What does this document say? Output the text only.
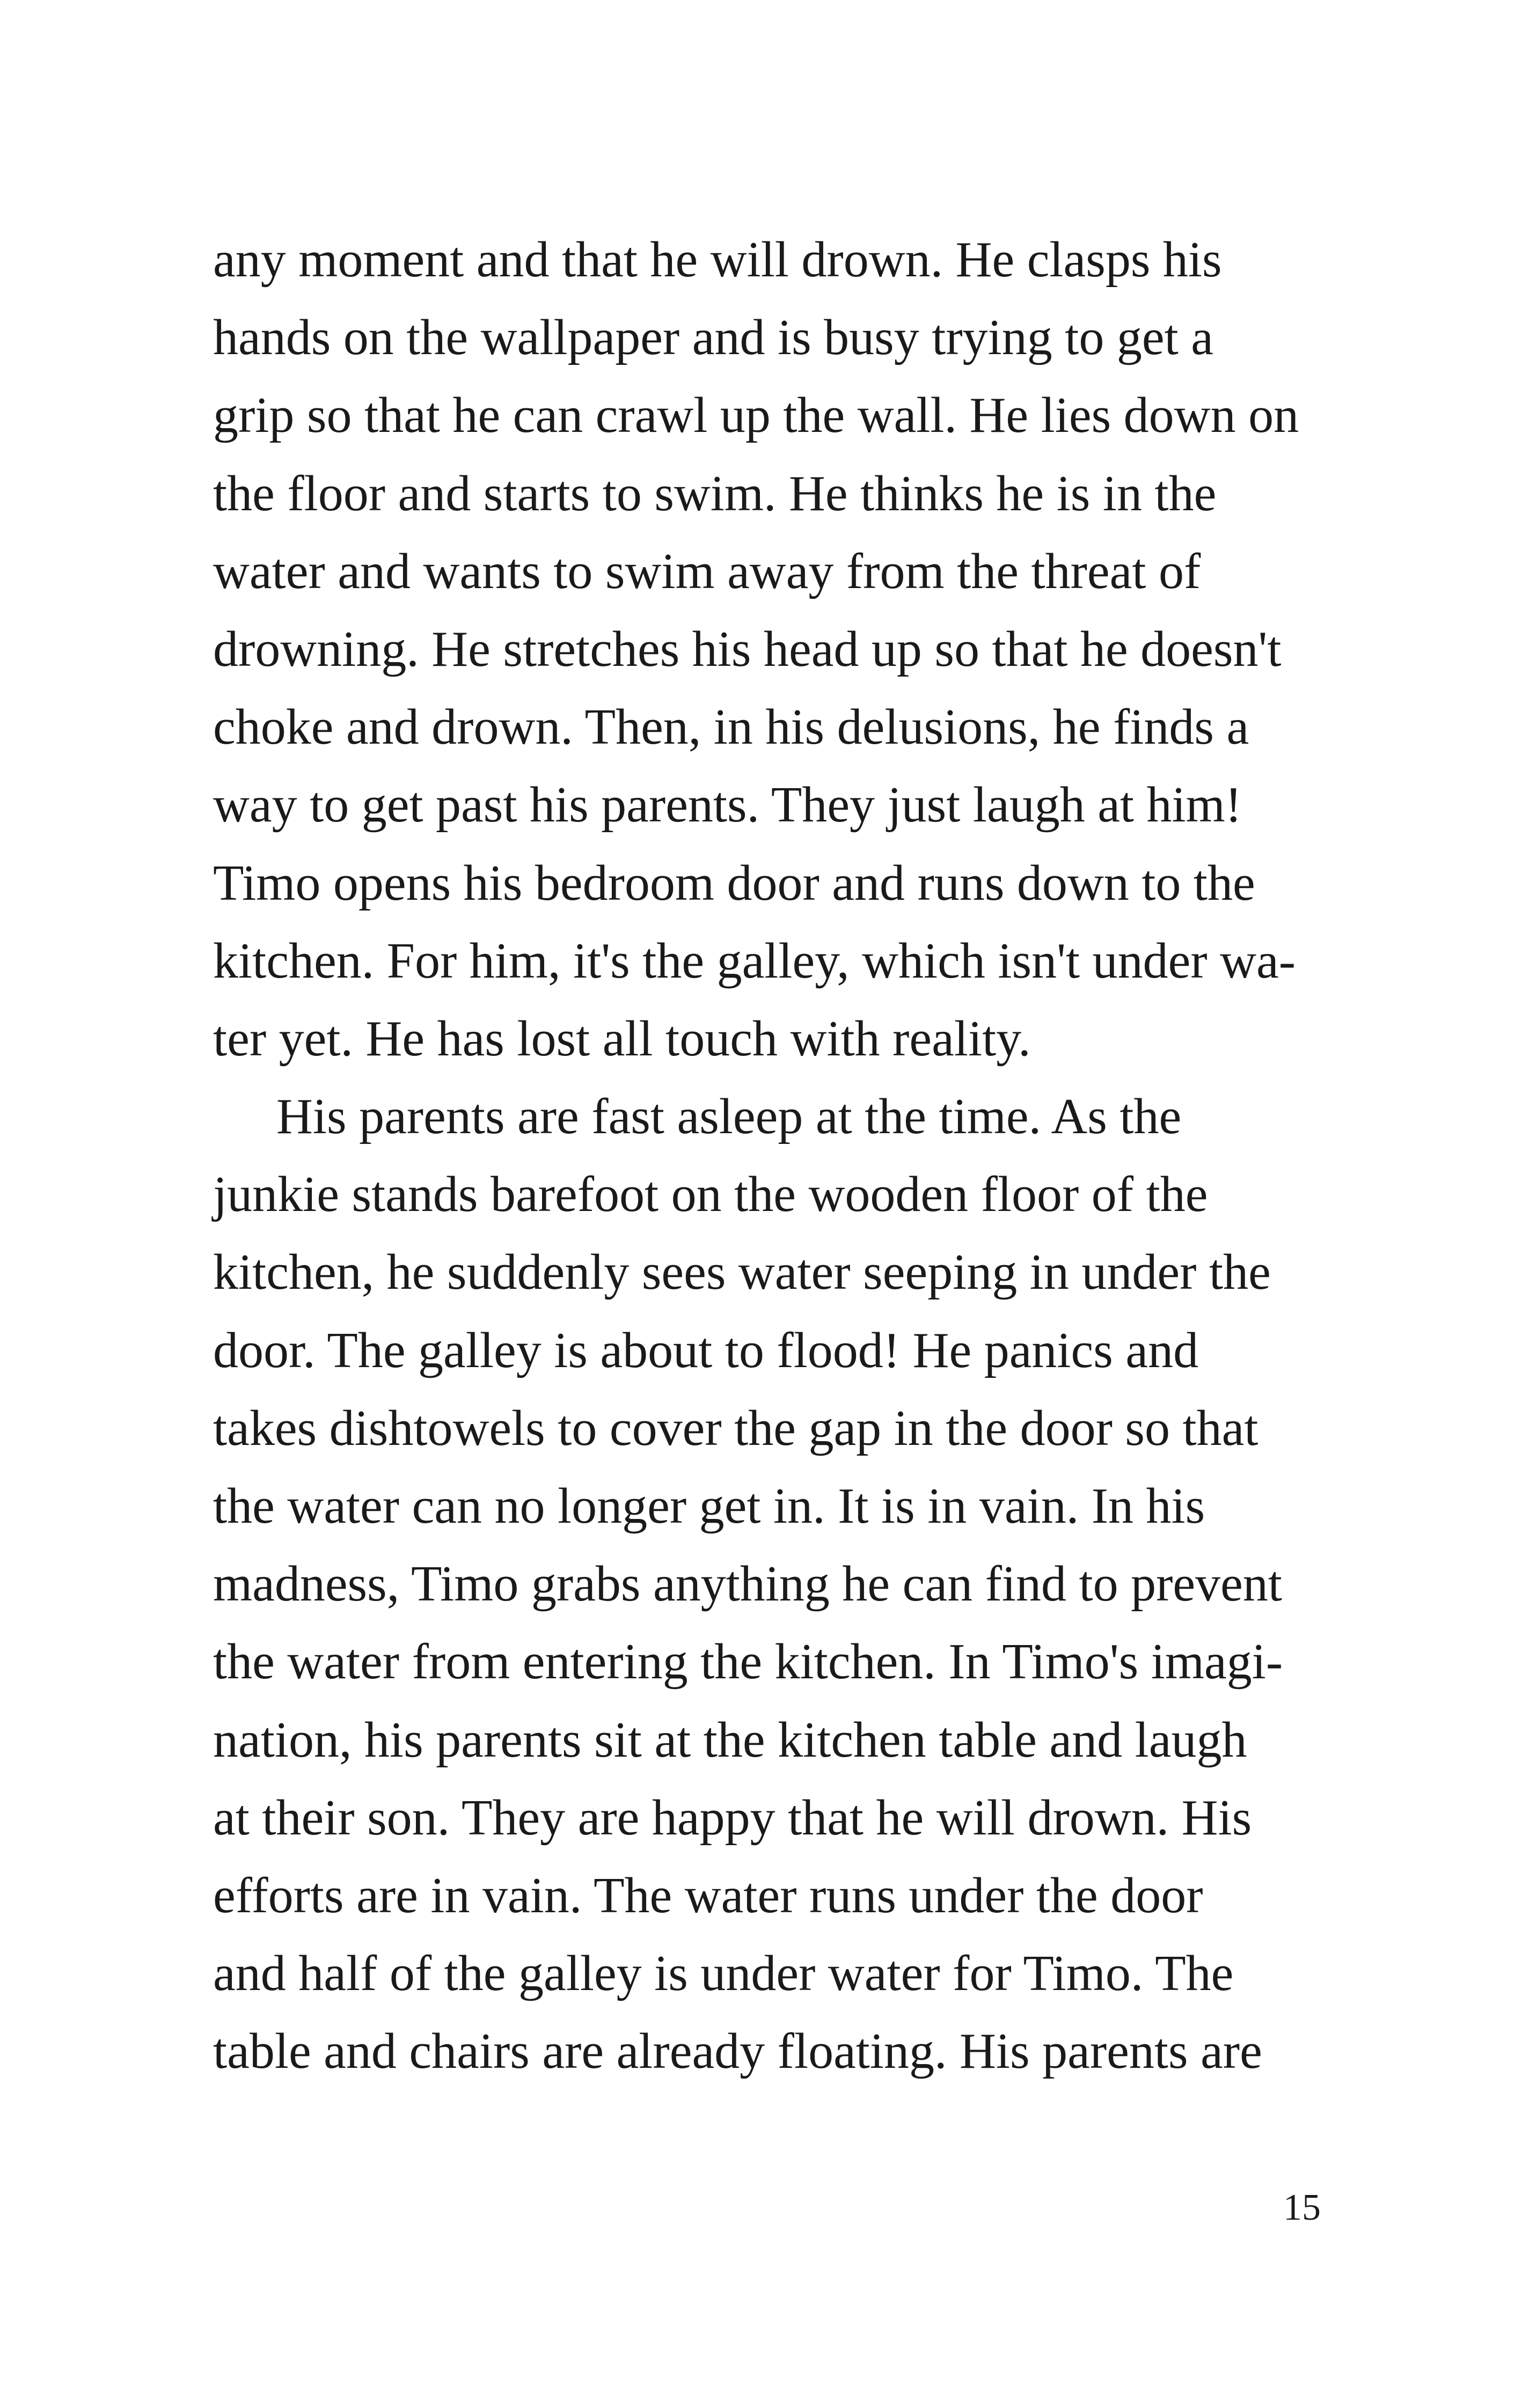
any moment and that he will drown. He clasps his
hands on the wallpaper and is busy trying to get a
grip so that he can crawl up the wall. He lies down on
the floor and starts to swim. He thinks he is in the
water and wants to swim away from the threat of
drowning. He stretches his head up so that he doesn't
choke and drown. Then, in his delusions, he finds a
way to get past his parents. They just laugh at him!
Timo opens his bedroom door and runs down to the
kitchen. For him, it's the galley, which isn't under wa-
ter yet. He has lost all touch with reality.
His parents are fast asleep at the time. As the
junkie stands barefoot on the wooden floor of the
kitchen, he suddenly sees water seeping in under the
door. The galley is about to flood! He panics and
takes dishtowels to cover the gap in the door so that
the water can no longer get in. It is in vain. In his
madness, Timo grabs anything he can find to prevent
the water from entering the kitchen. In Timo's imagi-
nation, his parents sit at the kitchen table and laugh
at their son. They are happy that he will drown. His
efforts are in vain. The water runs under the door
and half of the galley is under water for Timo. The
table and chairs are already floating. His parents are
15
